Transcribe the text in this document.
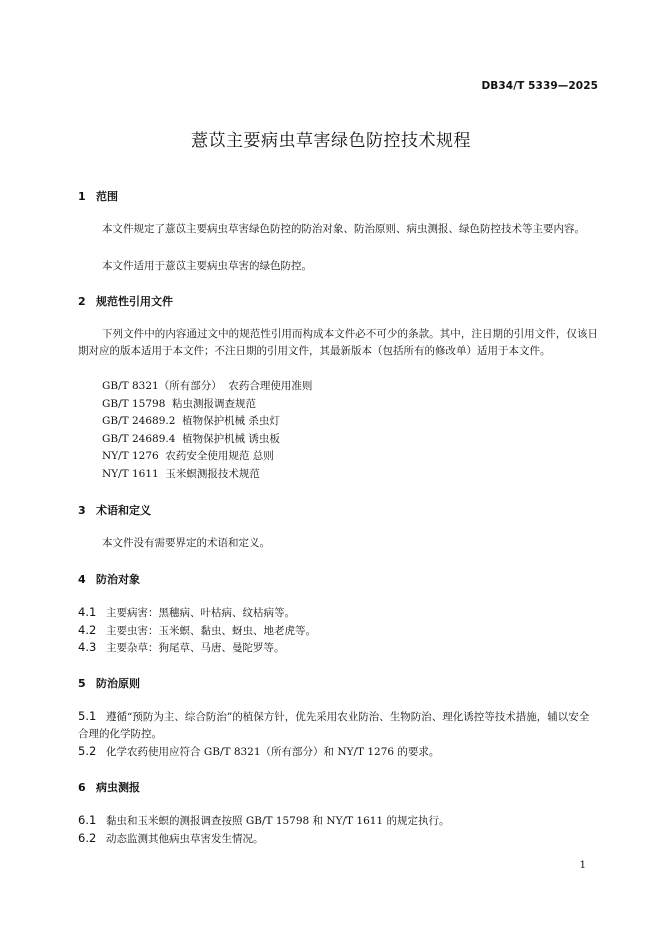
DB34/T 5339—2025
薏苡主要病虫草害绿色防控技术规程
1 范围
本文件规定了薏苡主要病虫草害绿色防控的防治对象、防治原则、病虫测报、绿色防控技术等主要内容。
本文件适用于薏苡主要病虫草害的绿色防控。
2 规范性引用文件
下列文件中的内容通过文中的规范性引用而构成本文件必不可少的条款。其中，注日期的引用文件，仅该日期对应的版本适用于本文件；不注日期的引用文件，其最新版本（包括所有的修改单）适用于本文件。
GB/T 8321（所有部分）  农药合理使用准则
GB/T 15798  粘虫测报调查规范
GB/T 24689.2  植物保护机械 杀虫灯
GB/T 24689.4  植物保护机械 诱虫板
NY/T 1276  农药安全使用规范 总则
NY/T 1611  玉米螟测报技术规范
3 术语和定义
本文件没有需要界定的术语和定义。
4 防治对象
4.1 主要病害：黑穗病、叶枯病、纹枯病等。
4.2 主要虫害：玉米螟、黏虫、蚜虫、地老虎等。
4.3 主要杂草：狗尾草、马唐、曼陀罗等。
5 防治原则
5.1 遵循“预防为主、综合防治”的植保方针，优先采用农业防治、生物防治、理化诱控等技术措施，辅以安全合理的化学防控。
5.2 化学农药使用应符合 GB/T 8321（所有部分）和 NY/T 1276 的要求。
6 病虫测报
6.1 黏虫和玉米螟的测报调查按照 GB/T 15798 和 NY/T 1611 的规定执行。
6.2 动态监测其他病虫草害发生情况。
1
